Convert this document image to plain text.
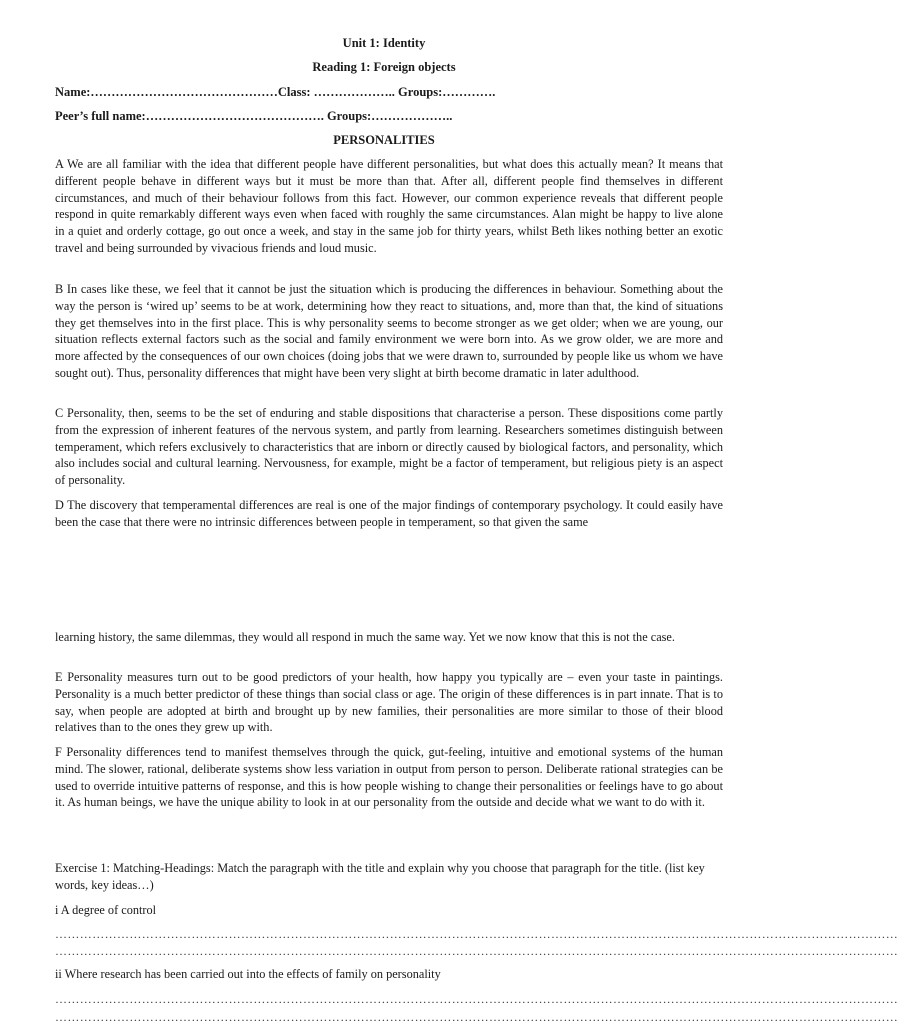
Unit 1: Identity
Reading 1: Foreign objects
Name:………………………………………Class: ……………….. Groups:………….
Peer’s full name:……………………………………. Groups:………………..
PERSONALITIES

A We are all familiar with the idea that different people have different personalities, but what does this actually mean? It means that different people behave in different ways but it must be more than that. After all, different people find themselves in different circumstances, and much of their behaviour follows from this fact. However, our common experience reveals that different people respond in quite remarkably different ways even when faced with roughly the same circumstances. Alan might be happy to live alone in a quiet and orderly cottage, go out once a week, and stay in the same job for thirty years, whilst Beth likes nothing better an exotic travel and being surrounded by vivacious friends and loud music.

B In cases like these, we feel that it cannot be just the situation which is producing the differences in behaviour. Something about the way the person is ‘wired up’ seems to be at work, determining how they react to situations, and, more than that, the kind of situations they get themselves into in the first place. This is why personality seems to become stronger as we get older; when we are young, our situation reflects external factors such as the social and family environment we were born into. As we grow older, we are more and more affected by the consequences of our own choices (doing jobs that we were drawn to, surrounded by people like us whom we have sought out). Thus, personality differences that might have been very slight at birth become dramatic in later adulthood.

C Personality, then, seems to be the set of enduring and stable dispositions that characterise a person. These dispositions come partly from the expression of inherent features of the nervous system, and partly from learning. Researchers sometimes distinguish between temperament, which refers exclusively to characteristics that are inborn or directly caused by biological factors, and personality, which also includes social and cultural learning. Nervousness, for example, might be a factor of temperament, but religious piety is an aspect of personality.

D The discovery that temperamental differences are real is one of the major findings of contemporary psychology. It could easily have been the case that there were no intrinsic differences between people in temperament, so that given the same

learning history, the same dilemmas, they would all respond in much the same way. Yet we now know that this is not the case.

E Personality measures turn out to be good predictors of your health, how happy you typically are – even your taste in paintings. Personality is a much better predictor of these things than social class or age. The origin of these differences is in part innate. That is to say, when people are adopted at birth and brought up by new families, their personalities are more similar to those of their blood relatives than to the ones they grew up with.

F Personality differences tend to manifest themselves through the quick, gut-feeling, intuitive and emotional systems of the human mind. The slower, rational, deliberate systems show less variation in output from person to person. Deliberate rational strategies can be used to override intuitive patterns of response, and this is how people wishing to change their personalities or feelings have to go about it. As human beings, we have the unique ability to look in at our personality from the outside and decide what we want to do with it.

Exercise 1: Matching-Headings: Match the paragraph with the title and explain why you choose that paragraph for the title. (list key words, key ideas…)

i A degree of control

……………………………………………………………………………………………………………………………………………………………………………………
……………………………………………………………………………………………………………………………………………………………………………………

ii Where research has been carried out into the effects of family on personality

……………………………………………………………………………………………………………………………………………………………………………………
……………………………………………………………………………………………………………………………………………………………………………………
